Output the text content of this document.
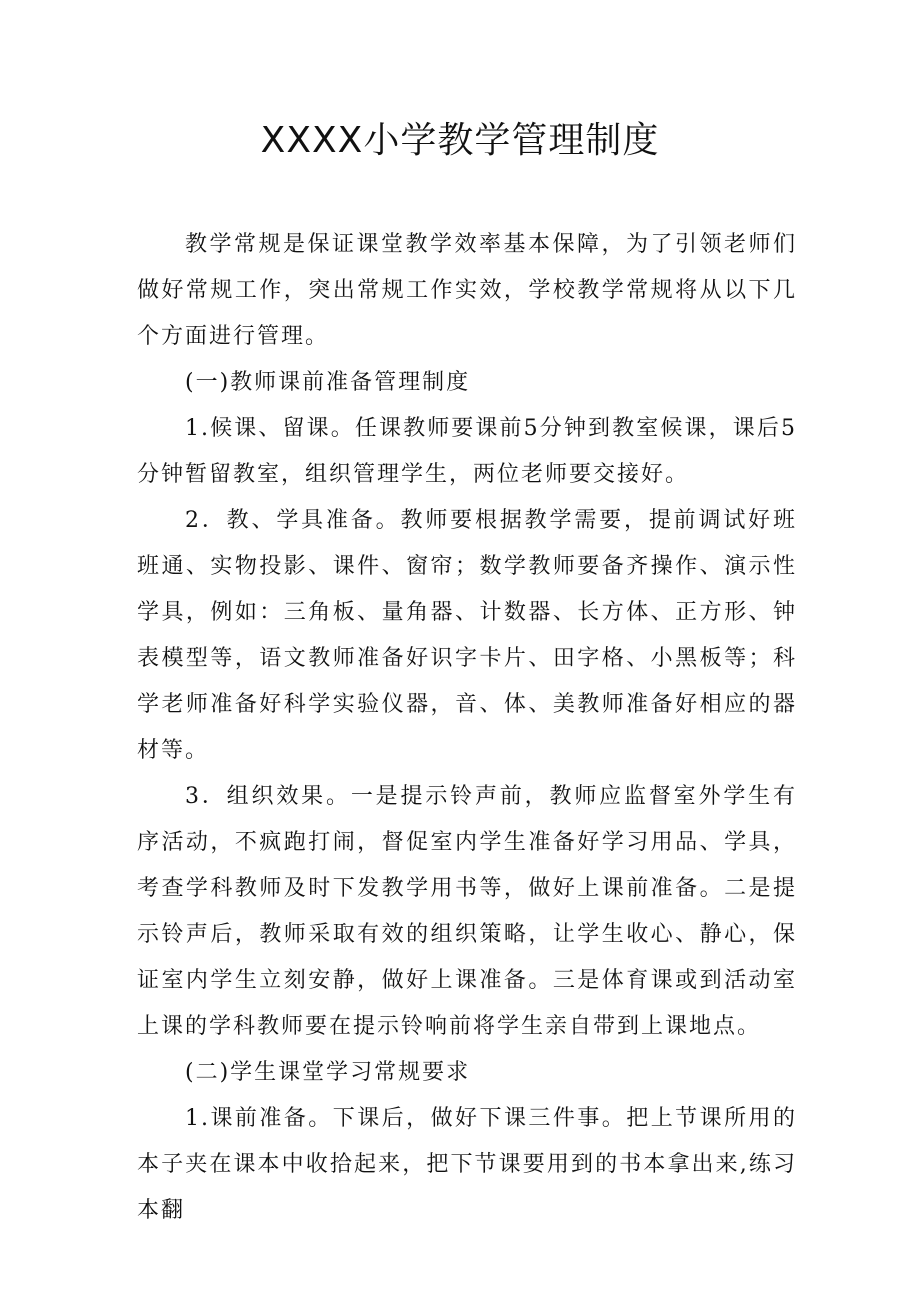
XXXX小学教学管理制度

教学常规是保证课堂教学效率基本保障，为了引领老师们做好常规工作，突出常规工作实效，学校教学常规将从以下几个方面进行管理。

(一)教师课前准备管理制度

1.候课、留课。任课教师要课前5分钟到教室候课，课后5分钟暂留教室，组织管理学生，两位老师要交接好。

2．教、学具准备。教师要根据教学需要，提前调试好班班通、实物投影、课件、窗帘；数学教师要备齐操作、演示性学具，例如：三角板、量角器、计数器、长方体、正方形、钟表模型等，语文教师准备好识字卡片、田字格、小黑板等；科学老师准备好科学实验仪器，音、体、美教师准备好相应的器材等。

3．组织效果。一是提示铃声前，教师应监督室外学生有序活动，不疯跑打闹，督促室内学生准备好学习用品、学具，考查学科教师及时下发教学用书等，做好上课前准备。二是提示铃声后，教师采取有效的组织策略，让学生收心、静心，保证室内学生立刻安静，做好上课准备。三是体育课或到活动室上课的学科教师要在提示铃响前将学生亲自带到上课地点。

(二)学生课堂学习常规要求

1.课前准备。下课后，做好下课三件事。把上节课所用的本子夹在课本中收拾起来，把下节课要用到的书本拿出来,练习本翻
